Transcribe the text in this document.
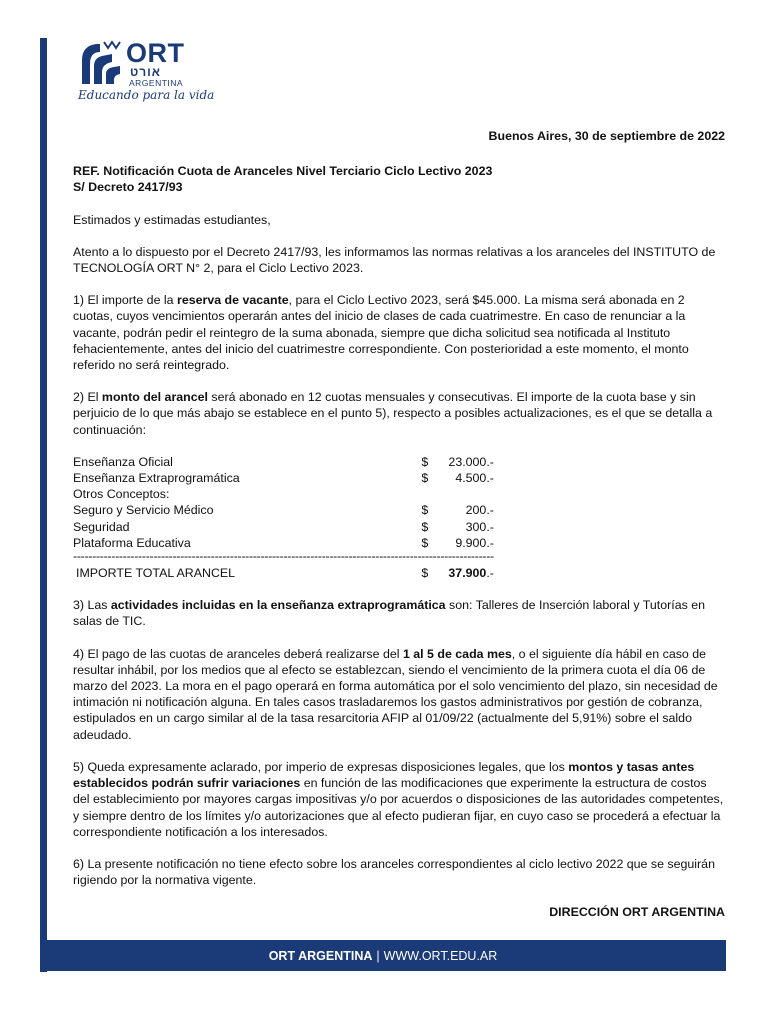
ORT
אורט
ARGENTINA
Educando para la vida
Buenos Aires, 30 de septiembre de 2022
REF. Notificación Cuota de Aranceles Nivel Terciario Ciclo Lectivo 2023
S/ Decreto 2417/93

Estimados y estimadas estudiantes,

Atento a lo dispuesto por el Decreto 2417/93, les informamos las normas relativas a los aranceles del INSTITUTO de TECNOLOGÍA ORT N° 2, para el Ciclo Lectivo 2023.

1) El importe de la reserva de vacante, para el Ciclo Lectivo 2023, será $45.000. La misma será abonada en 2 cuotas, cuyos vencimientos operarán antes del inicio de clases de cada cuatrimestre. En caso de renunciar a la vacante, podrán pedir el reintegro de la suma abonada, siempre que dicha solicitud sea notificada al Instituto fehacientemente, antes del inicio del cuatrimestre correspondiente. Con posterioridad a este momento, el monto referido no será reintegrado.

2) El monto del arancel será abonado en 12 cuotas mensuales y consecutivas. El importe de la cuota base y sin perjuicio de lo que más abajo se establece en el punto 5), respecto a posibles actualizaciones, es el que se detalla a continuación:

Enseñanza Oficial	$	23.000.-
Enseñanza Extraprogramática	$	4.500.-
Otros Conceptos:		
Seguro y Servicio Médico	$	200.-
Seguridad	$	300.-
Plataforma Educativa	$	9.900.-

--------------------------------------------------------------------------------------------------------------		

IMPORTE TOTAL ARANCEL	$	37.900.-

3) Las actividades incluidas en la enseñanza extraprogramática son: Talleres de Inserción laboral y Tutorías en salas de TIC.

4) El pago de las cuotas de aranceles deberá realizarse del 1 al 5 de cada mes, o el siguiente día hábil en caso de resultar inhábil, por los medios que al efecto se establezcan, siendo el vencimiento de la primera cuota el día 06 de marzo del 2023. La mora en el pago operará en forma automática por el solo vencimiento del plazo, sin necesidad de intimación ni notificación alguna. En tales casos trasladaremos los gastos administrativos por gestión de cobranza, estipulados en un cargo similar al de la tasa resarcitoria AFIP al 01/09/22 (actualmente del 5,91%) sobre el saldo adeudado.

5) Queda expresamente aclarado, por imperio de expresas disposiciones legales, que los montos y tasas antes establecidos podrán sufrir variaciones en función de las modificaciones que experimente la estructura de costos del establecimiento por mayores cargas impositivas y/o por acuerdos o disposiciones de las autoridades competentes, y siempre dentro de los límites y/o autorizaciones que al efecto pudieran fijar, en cuyo caso se procederá a efectuar la correspondiente notificación a los interesados.

6) La presente notificación no tiene efecto sobre los aranceles correspondientes al ciclo lectivo 2022 que se seguirán rigiendo por la normativa vigente.

DIRECCIÓN ORT ARGENTINA
ORT ARGENTINA | WWW.ORT.EDU.AR
